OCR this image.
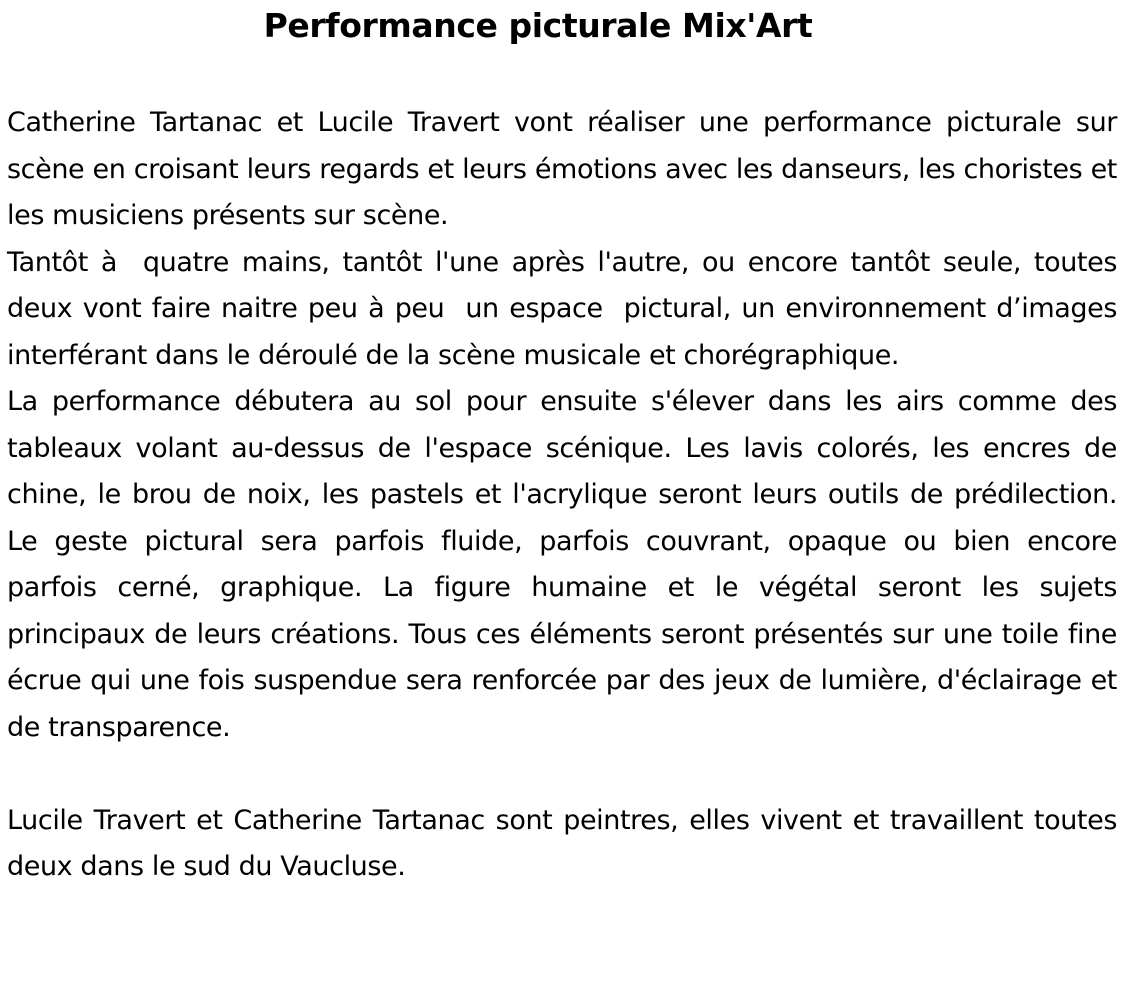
Performance picturale Mix'Art

Catherine Tartanac et Lucile Travert vont réaliser une performance picturale sur scène en croisant leurs regards et leurs émotions avec les danseurs, les choristes et les musiciens présents sur scène.

Tantôt à  quatre mains, tantôt l'une après l'autre, ou encore tantôt seule, toutes deux vont faire naitre peu à peu  un espace  pictural, un environnement d’images interférant dans le déroulé de la scène musicale et chorégraphique.

La performance débutera au sol pour ensuite s'élever dans les airs comme des tableaux volant au-dessus de l'espace scénique. Les lavis colorés, les encres de chine, le brou de noix, les pastels et l'acrylique seront leurs outils de prédilection. Le geste pictural sera parfois fluide, parfois couvrant, opaque ou bien encore parfois cerné, graphique. La figure humaine et le végétal seront les sujets principaux de leurs créations. Tous ces éléments seront présentés sur une toile fine écrue qui une fois suspendue sera renforcée par des jeux de lumière, d'éclairage et de transparence.

Lucile Travert et Catherine Tartanac sont peintres, elles vivent et travaillent toutes deux dans le sud du Vaucluse.
